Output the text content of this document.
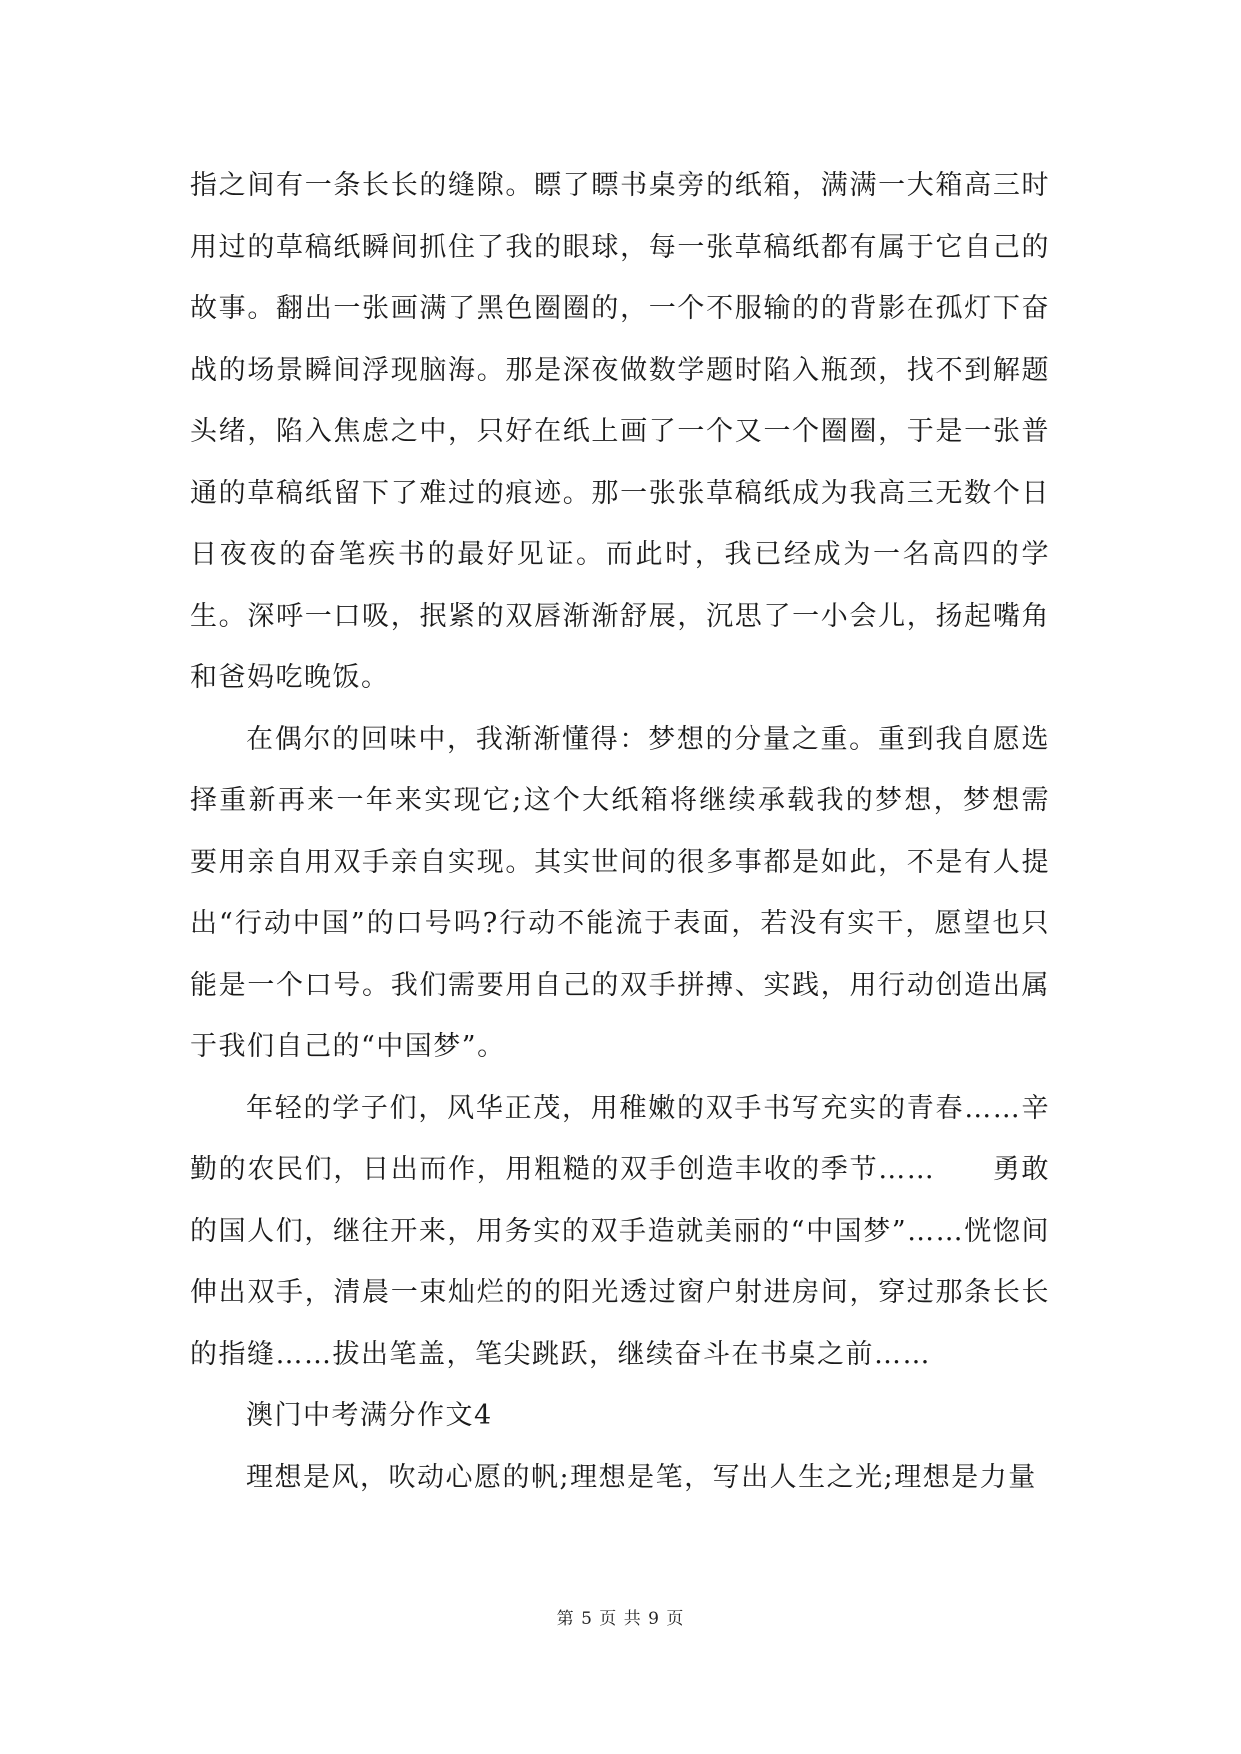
指之间有一条长长的缝隙。瞟了瞟书桌旁的纸箱，满满一大箱高三时用过的草稿纸瞬间抓住了我的眼球，每一张草稿纸都有属于它自己的故事。翻出一张画满了黑色圈圈的，一个不服输的的背影在孤灯下奋战的场景瞬间浮现脑海。那是深夜做数学题时陷入瓶颈，找不到解题头绪，陷入焦虑之中，只好在纸上画了一个又一个圈圈，于是一张普通的草稿纸留下了难过的痕迹。那一张张草稿纸成为我高三无数个日日夜夜的奋笔疾书的最好见证。而此时，我已经成为一名高四的学生。深呼一口吸，抿紧的双唇渐渐舒展，沉思了一小会儿，扬起嘴角和爸妈吃晚饭。

在偶尔的回味中，我渐渐懂得：梦想的分量之重。重到我自愿选择重新再来一年来实现它;这个大纸箱将继续承载我的梦想，梦想需要用亲自用双手亲自实现。其实世间的很多事都是如此，不是有人提出“行动中国”的口号吗?行动不能流于表面，若没有实干，愿望也只能是一个口号。我们需要用自己的双手拼搏、实践，用行动创造出属于我们自己的“中国梦”。

年轻的学子们，风华正茂，用稚嫩的双手书写充实的青春……辛勤的农民们，日出而作，用粗糙的双手创造丰收的季节……　　勇敢的国人们，继往开来，用务实的双手造就美丽的“中国梦”……恍惚间伸出双手，清晨一束灿烂的的阳光透过窗户射进房间，穿过那条长长的指缝……拔出笔盖，笔尖跳跃，继续奋斗在书桌之前……

澳门中考满分作文4

理想是风，吹动心愿的帆;理想是笔，写出人生之光;理想是力量

第 5 页 共 9 页
